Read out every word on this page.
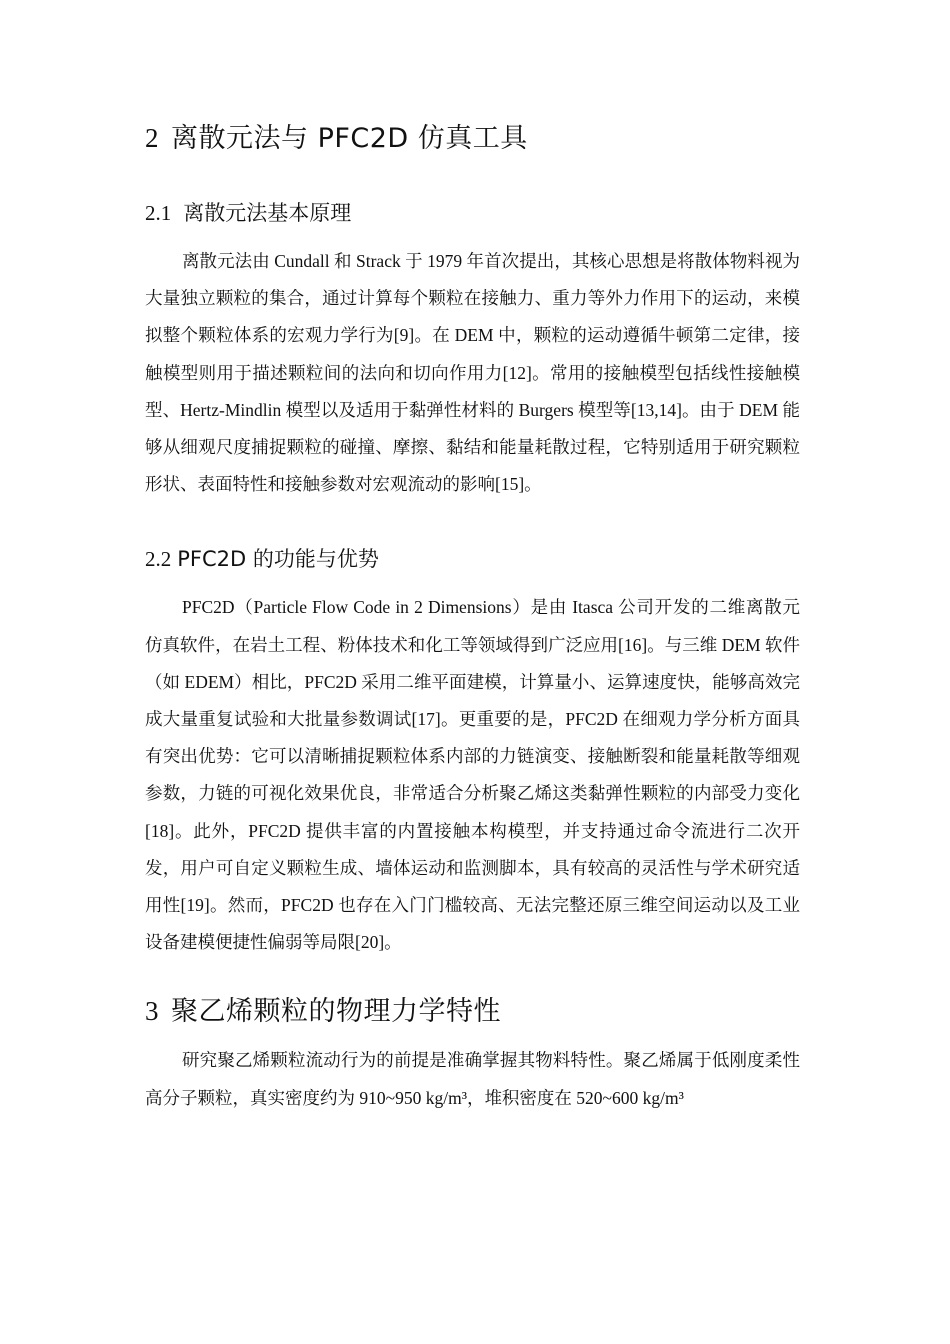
2 离散元法与 PFC2D 仿真工具
2.1 离散元法基本原理

离散元法由 Cundall 和 Strack 于 1979 年首次提出，其核心思想是将散体物料视为大量独立颗粒的集合，通过计算每个颗粒在接触力、重力等外力作用下的运动，来模拟整个颗粒体系的宏观力学行为[9]。在 DEM 中，颗粒的运动遵循牛顿第二定律，接触模型则用于描述颗粒间的法向和切向作用力[12]。常用的接触模型包括线性接触模型、Hertz-Mindlin 模型以及适用于黏弹性材料的 Burgers 模型等[13,14]。由于 DEM 能够从细观尺度捕捉颗粒的碰撞、摩擦、黏结和能量耗散过程，它特别适用于研究颗粒形状、表面特性和接触参数对宏观流动的影响[15]。

2.2 PFC2D 的功能与优势

PFC2D（Particle Flow Code in 2 Dimensions）是由 Itasca 公司开发的二维离散元仿真软件，在岩土工程、粉体技术和化工等领域得到广泛应用[16]。与三维 DEM 软件（如 EDEM）相比，PFC2D 采用二维平面建模，计算量小、运算速度快，能够高效完成大量重复试验和大批量参数调试[17]。更重要的是，PFC2D 在细观力学分析方面具有突出优势：它可以清晰捕捉颗粒体系内部的力链演变、接触断裂和能量耗散等细观参数，力链的可视化效果优良，非常适合分析聚乙烯这类黏弹性颗粒的内部受力变化[18]。此外，PFC2D 提供丰富的内置接触本构模型，并支持通过命令流进行二次开发，用户可自定义颗粒生成、墙体运动和监测脚本，具有较高的灵活性与学术研究适用性[19]。然而，PFC2D 也存在入门门槛较高、无法完整还原三维空间运动以及工业设备建模便捷性偏弱等局限[20]。

3 聚乙烯颗粒的物理力学特性

研究聚乙烯颗粒流动行为的前提是准确掌握其物料特性。聚乙烯属于低刚度柔性高分子颗粒，真实密度约为 910~950 kg/m³，堆积密度在 520~600 kg/m³
